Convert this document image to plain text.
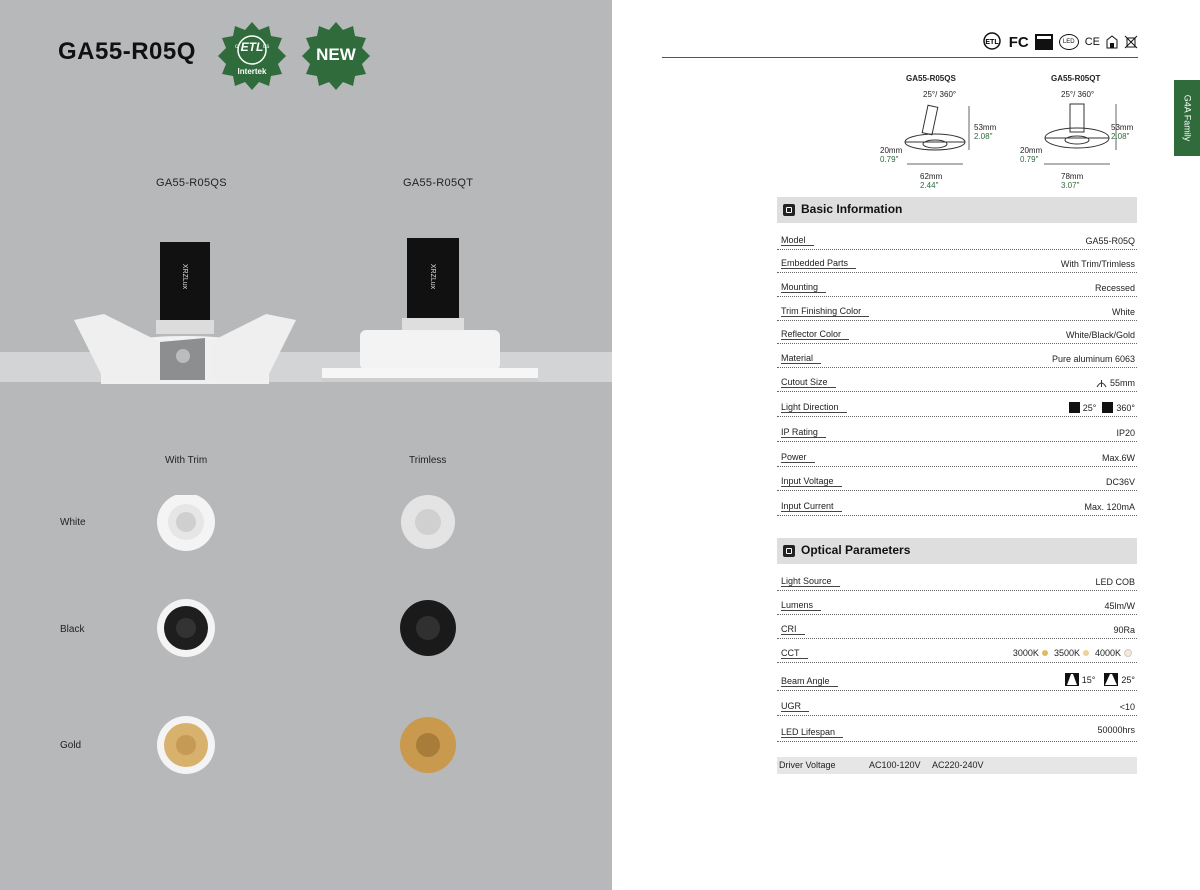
GA55-R05Q	ETL
c	us
Intertek
NEW
GA55-R05QS	GA55-R05QT
XRZLux	XRZLux
With Trim	Trimless
White
Black
Gold
ETL FC	LED CE
G4A Family
GA55-R05QS
25°/ 360°
53mm
2.08"
20mm
0.79"
62mm
2.44"
GA55-R05QT
25°/ 360°
53mm
2.08"
20mm
0.79"
78mm
3.07"
Basic Information
Model	GA55-R05Q
Embedded Parts	With Trim/Trimless
Mounting	Recessed
Trim Finishing Color	White
Reflector Color	White/Black/Gold
Material	Pure aluminum 6063
Cutout Size	55mm
Light Direction	25° 360°
IP Rating	IP20
Power	Max.6W
Input Voltage	DC36V
Input Current	Max. 120mA
Optical Parameters
Light Source	LED COB
Lumens	45lm/W
CRI	90Ra
CCT	3000K 3500K 4000K
Beam Angle	15°	25°
UGR	<10
LED Lifespan	50000hrs
Driver Voltage	AC100-120V AC220-240V
